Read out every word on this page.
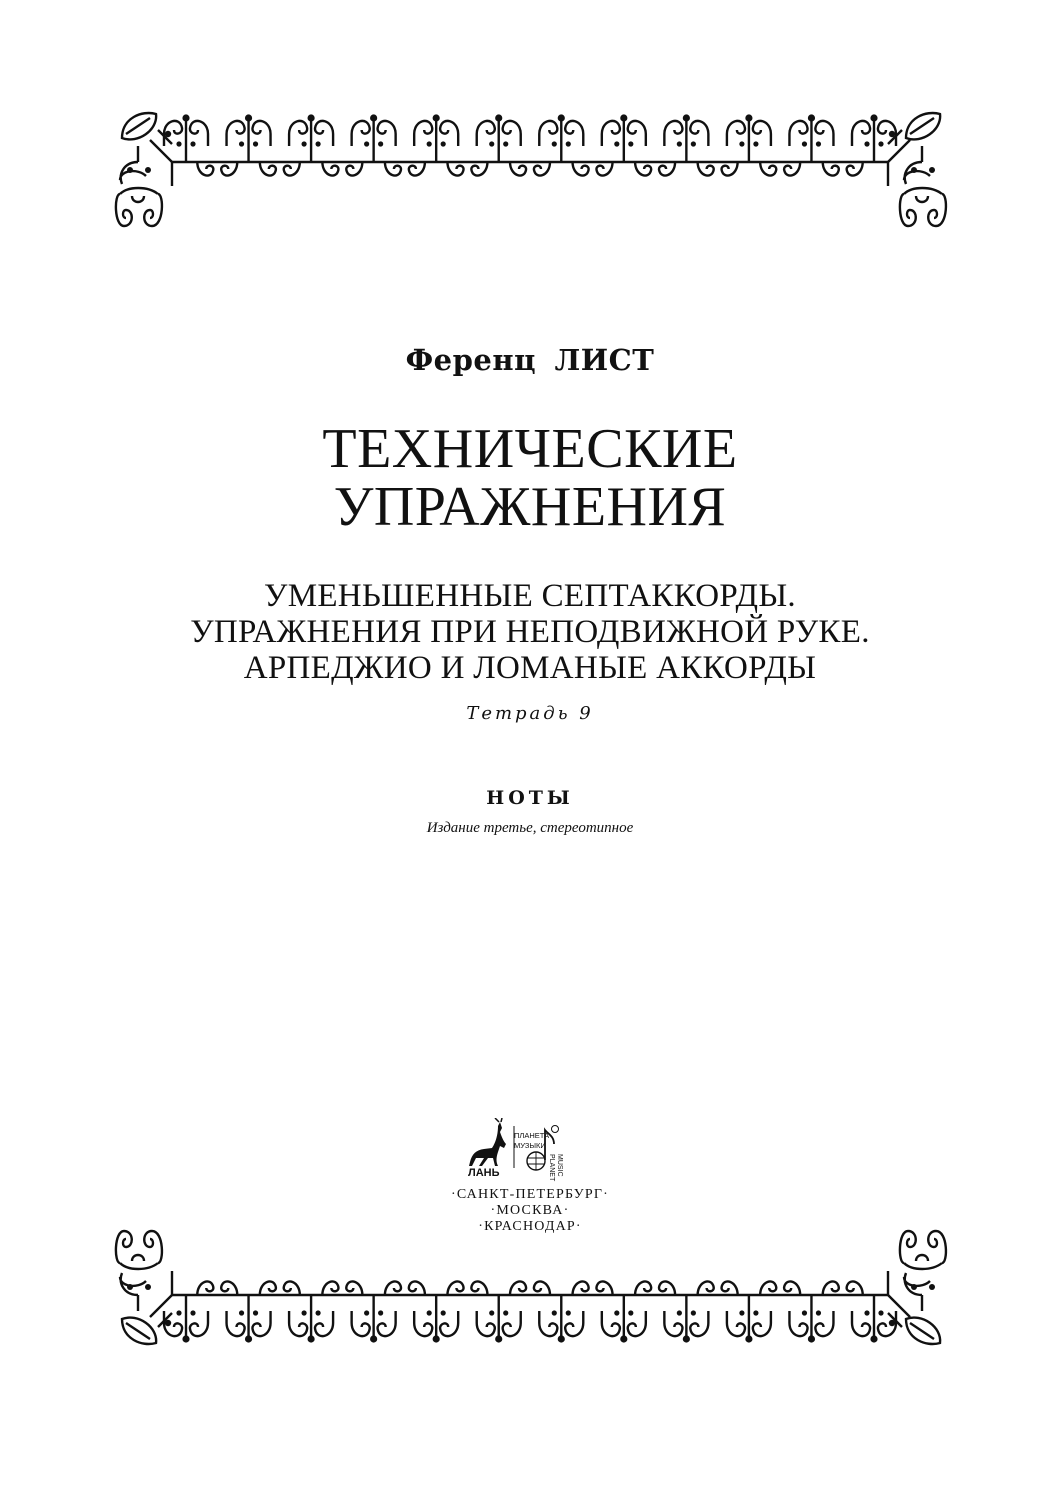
Ференц ЛИСТ
ТЕХНИЧЕСКИЕ
УПРАЖНЕНИЯ
УМЕНЬШЕННЫЕ СЕПТАККОРДЫ.
УПРАЖНЕНИЯ ПРИ НЕПОДВИЖНОЙ РУКЕ.
АРПЕДЖИО И ЛОМАНЫЕ АККОРДЫ
Тетрадь 9
НОТЫ
Издание третье, стереотипное
ЛАНЬ
ПЛАНЕТА
МУЗЫКИ
MUSIC
PLANET
·САНКТ-ПЕТЕРБУРГ·
·МОСКВА·
·КРАСНОДАР·
